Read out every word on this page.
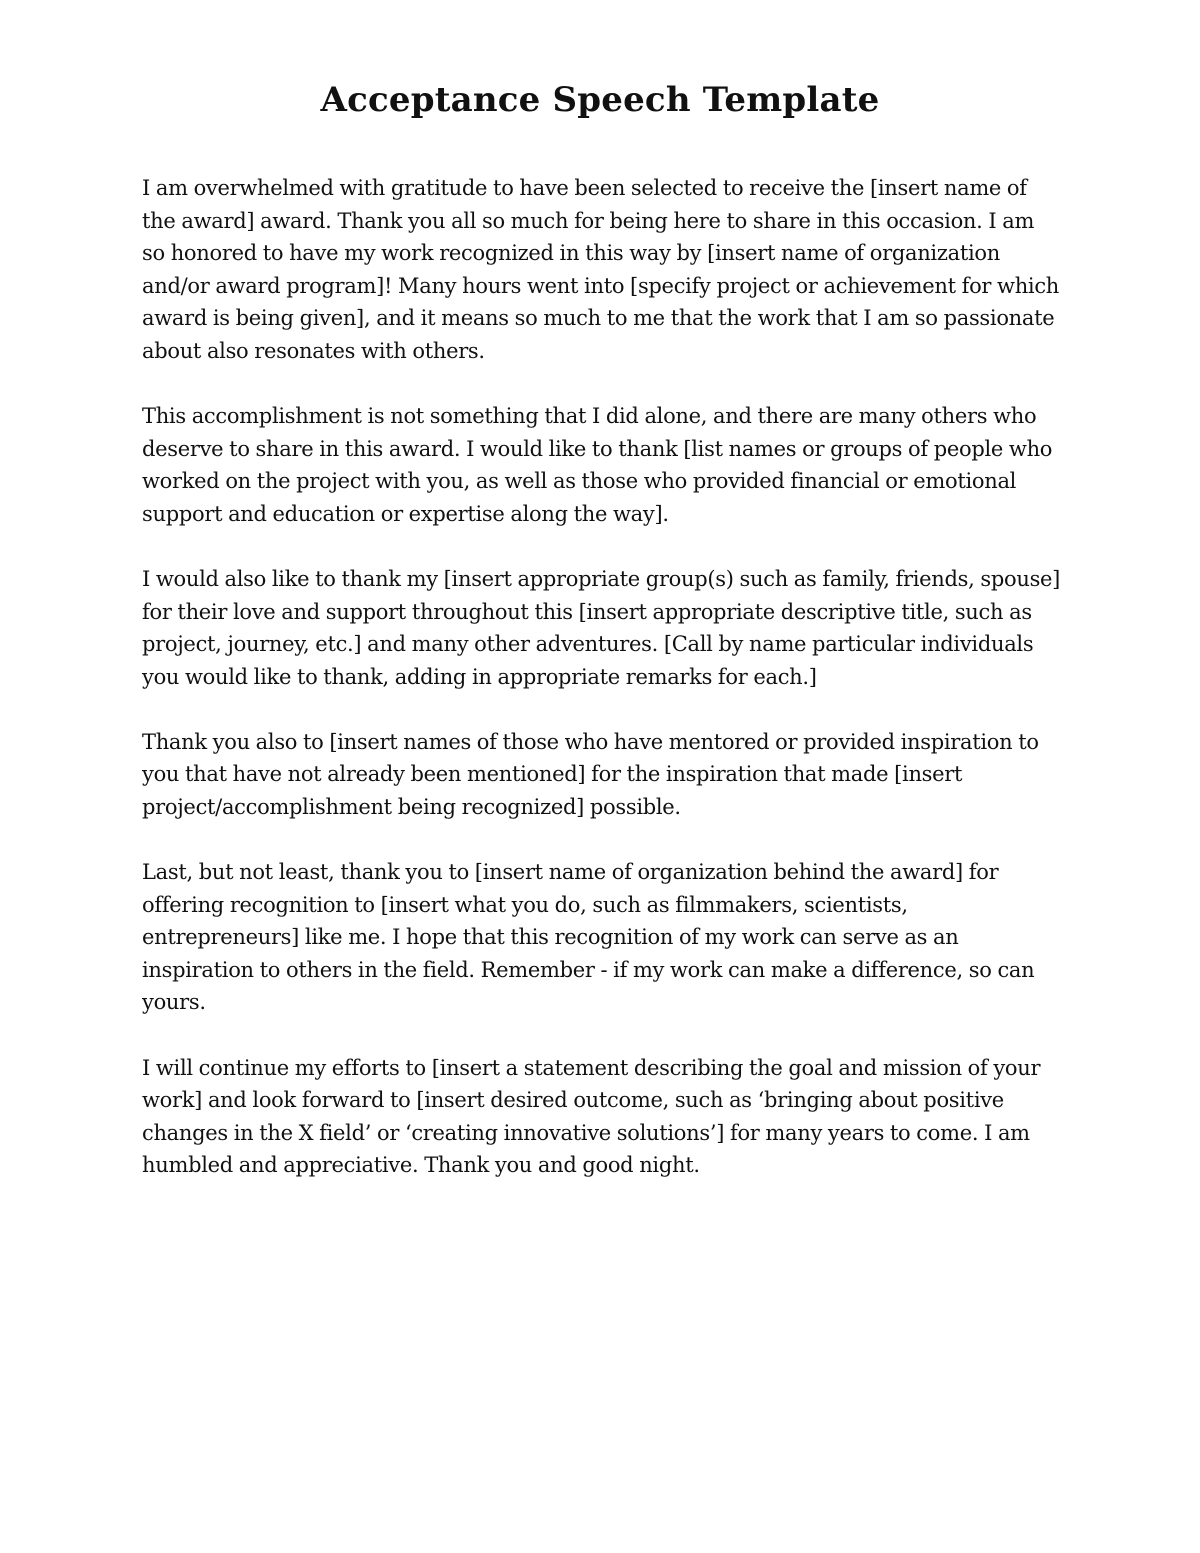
Acceptance Speech Template

I am overwhelmed with gratitude to have been selected to receive the [insert name of the award] award. Thank you all so much for being here to share in this occasion. I am so honored to have my work recognized in this way by [insert name of organization and/or award program]! Many hours went into [specify project or achievement for which award is being given], and it means so much to me that the work that I am so passionate about also resonates with others.

This accomplishment is not something that I did alone, and there are many others who deserve to share in this award. I would like to thank [list names or groups of people who worked on the project with you, as well as those who provided financial or emotional support and education or expertise along the way].

I would also like to thank my [insert appropriate group(s) such as family, friends, spouse] for their love and support throughout this [insert appropriate descriptive title, such as project, journey, etc.] and many other adventures. [Call by name particular individuals you would like to thank, adding in appropriate remarks for each.]

Thank you also to [insert names of those who have mentored or provided inspiration to you that have not already been mentioned] for the inspiration that made [insert project/accomplishment being recognized] possible.

Last, but not least, thank you to [insert name of organization behind the award] for offering recognition to [insert what you do, such as filmmakers, scientists, entrepreneurs] like me. I hope that this recognition of my work can serve as an inspiration to others in the field. Remember - if my work can make a difference, so can yours.

I will continue my efforts to [insert a statement describing the goal and mission of your work] and look forward to [insert desired outcome, such as ‘bringing about positive changes in the X field’ or ‘creating innovative solutions’] for many years to come. I am humbled and appreciative. Thank you and good night.
